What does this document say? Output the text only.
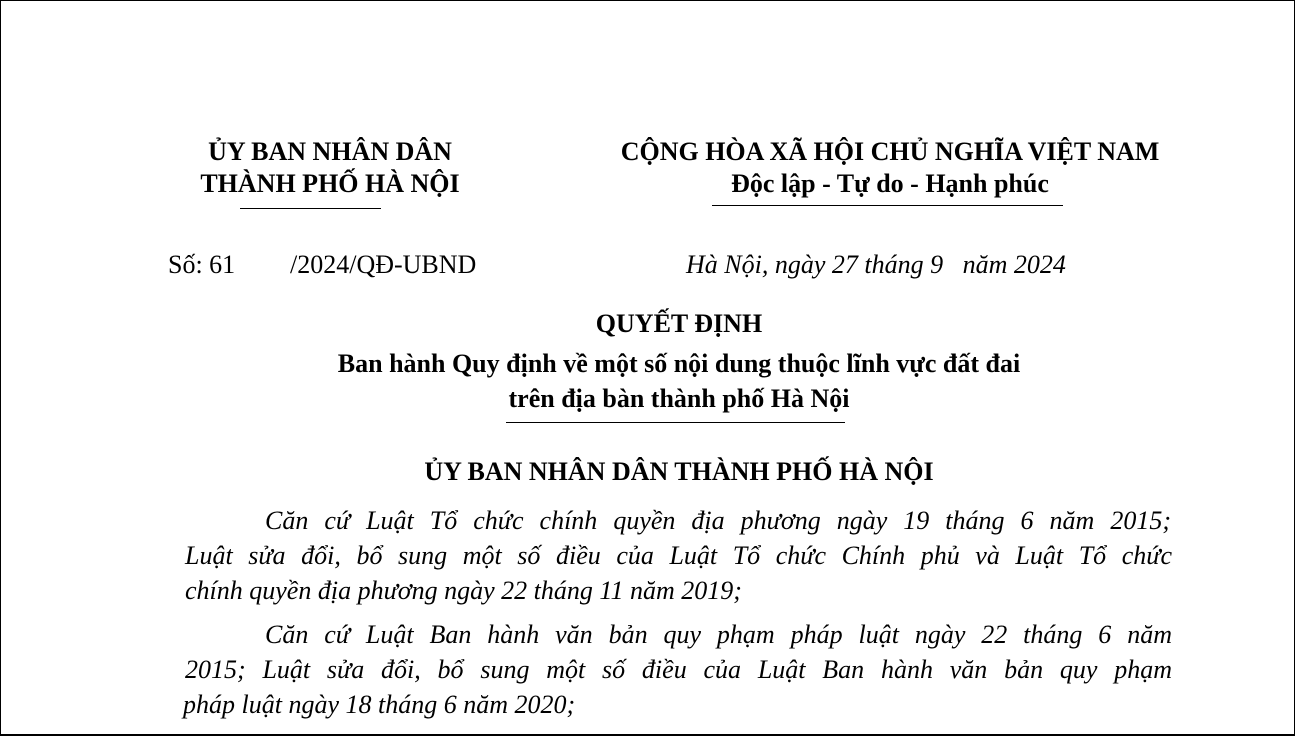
ỦY BAN NHÂN DÂN
THÀNH PHỐ HÀ NỘI
CỘNG HÒA XÃ HỘI CHỦ NGHĨA VIỆT NAM
Độc lập - Tự do - Hạnh phúc
Số: 61 /2024/QĐ-UBND	Hà Nội, ngày 27 tháng 9   năm 2024
QUYẾT ĐỊNH
Ban hành Quy định về một số nội dung thuộc lĩnh vực đất đai
trên địa bàn thành phố Hà Nội
ỦY BAN NHÂN DÂN THÀNH PHỐ HÀ NỘI
Căn cứ Luật Tổ chức chính quyền địa phương ngày 19 tháng 6 năm 2015;
Luật sửa đổi, bổ sung một số điều của Luật Tổ chức Chính phủ và Luật Tổ chức
chính quyền địa phương ngày 22 tháng 11 năm 2019;
Căn cứ Luật Ban hành văn bản quy phạm pháp luật ngày 22 tháng 6 năm
2015; Luật sửa đổi, bổ sung một số điều của Luật Ban hành văn bản quy phạm
pháp luật ngày 18 tháng 6 năm 2020;
